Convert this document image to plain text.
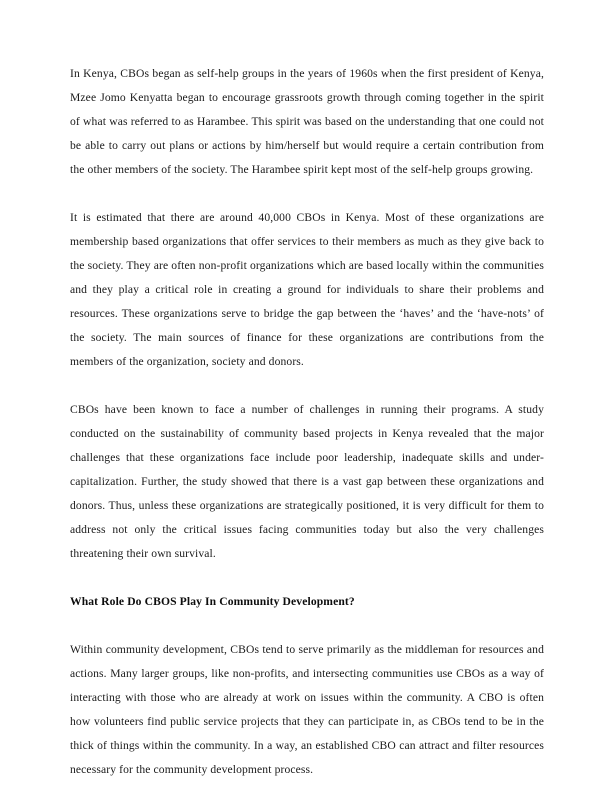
In Kenya, CBOs began as self-help groups in the years of 1960s when the first president of Kenya, Mzee Jomo Kenyatta began to encourage grassroots growth through coming together in the spirit of what was referred to as Harambee. This spirit was based on the understanding that one could not be able to carry out plans or actions by him/herself but would require a certain contribution from the other members of the society. The Harambee spirit kept most of the self-help groups growing.

It is estimated that there are around 40,000 CBOs in Kenya. Most of these organizations are membership based organizations that offer services to their members as much as they give back to the society. They are often non-profit organizations which are based locally within the communities and they play a critical role in creating a ground for individuals to share their problems and resources. These organizations serve to bridge the gap between the ‘haves’ and the ‘have-nots’ of the society. The main sources of finance for these organizations are contributions from the members of the organization, society and donors.

CBOs have been known to face a number of challenges in running their programs. A study conducted on the sustainability of community based projects in Kenya revealed that the major challenges that these organizations face include poor leadership, inadequate skills and under-capitalization. Further, the study showed that there is a vast gap between these organizations and donors. Thus, unless these organizations are strategically positioned, it is very difficult for them to address not only the critical issues facing communities today but also the very challenges threatening their own survival.

What Role Do CBOS Play In Community Development?

Within community development, CBOs tend to serve primarily as the middleman for resources and actions. Many larger groups, like non-profits, and intersecting communities use CBOs as a way of interacting with those who are already at work on issues within the community. A CBO is often how volunteers find public service projects that they can participate in, as CBOs tend to be in the thick of things within the community. In a way, an established CBO can attract and filter resources necessary for the community development process.
